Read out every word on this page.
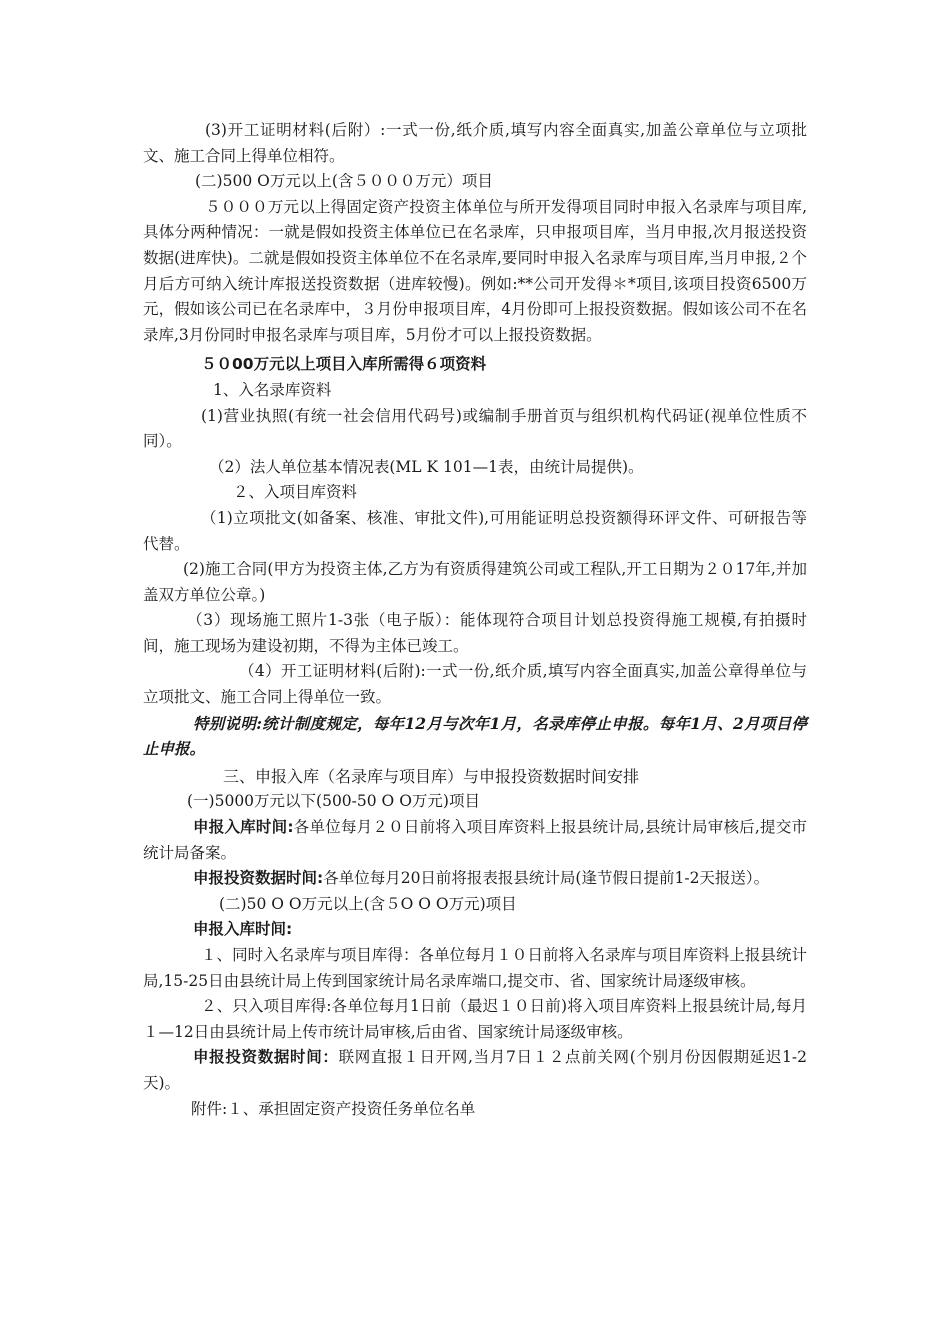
(3)开工证明材料(后附）:一式一份,纸介质,填写内容全面真实,加盖公章单位与立项批文、施工合同上得单位相符。

(二)500 O万元以上(含５０００万元）项目

５０００万元以上得固定资产投资主体单位与所开发得项目同时申报入名录库与项目库,具体分两种情况：一就是假如投资主体单位已在名录库，只申报项目库，当月申报,次月报送投资数据(进库快)。二就是假如投资主体单位不在名录库,要同时申报入名录库与项目库,当月申报,２个月后方可纳入统计库报送投资数据（进库较慢)。例如:**公司开发得＊*项目,该项目投资6500万元，假如该公司已在名录库中，３月份申报项目库，4月份即可上报投资数据。假如该公司不在名录库,3月份同时申报名录库与项目库，5月份才可以上报投资数据。

５０00万元以上项目入库所需得６项资料

1、入名录库资料

(1)营业执照(有统一社会信用代码号)或编制手册首页与组织机构代码证(视单位性质不同）。

（2）法人单位基本情况表(ML K 101—1表，由统计局提供)。

２、入项目库资料

（1)立项批文(如备案、核准、审批文件),可用能证明总投资额得环评文件、可研报告等代替。

(2)施工合同(甲方为投资主体,乙方为有资质得建筑公司或工程队,开工日期为２０17年,并加盖双方单位公章。)

（3）现场施工照片1-3张（电子版）：能体现符合项目计划总投资得施工规模,有拍摄时间，施工现场为建设初期，不得为主体已竣工。

（4）开工证明材料(后附):一式一份,纸介质,填写内容全面真实,加盖公章得单位与立项批文、施工合同上得单位一致。

特别说明:统计制度规定，每年12月与次年1月，名录库停止申报。每年1月、2月项目停止申报。

三、申报入库（名录库与项目库）与申报投资数据时间安排

(一)5000万元以下(500-50 O O万元)项目

申报入库时间:各单位每月２０日前将入项目库资料上报县统计局,县统计局审核后,提交市统计局备案。

申报投资数据时间:各单位每月20日前将报表报县统计局(逢节假日提前1-2天报送）。

(二)50 O O万元以上(含５O O O万元)项目

申报入库时间:

１、同时入名录库与项目库得：各单位每月１０日前将入名录库与项目库资料上报县统计局,15-25日由县统计局上传到国家统计局名录库端口,提交市、省、国家统计局逐级审核。

２、只入项目库得:各单位每月1日前（最迟１０日前)将入项目库资料上报县统计局,每月１—12日由县统计局上传市统计局审核,后由省、国家统计局逐级审核。

申报投资数据时间：联网直报１日开网,当月7日１２点前关网(个别月份因假期延迟1-2天)。

附件:１、承担固定资产投资任务单位名单
